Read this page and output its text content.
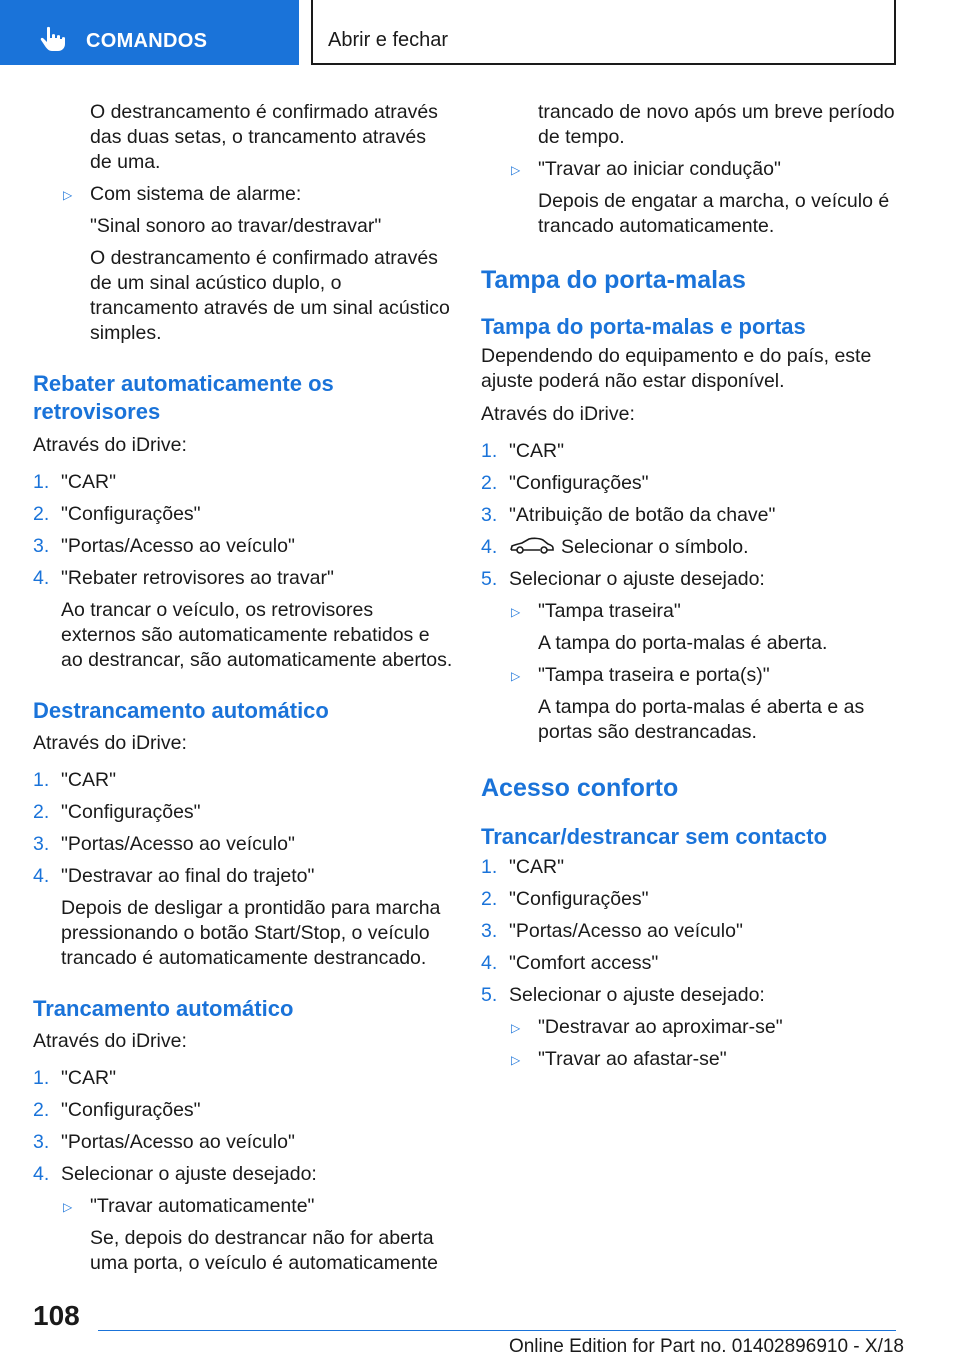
COMANDOS	Abrir e fechar
O destrancamento é confirmado através das duas setas, o trancamento através de uma.
▷ Com sistema de alarme:
"Sinal sonoro ao travar/destravar"
O destrancamento é confirmado através de um sinal acústico duplo, o trancamento através de um sinal acústico simples.
Rebater automaticamente os retrovisores
Através do iDrive:
1. "CAR"
2. "Configurações"
3. "Portas/Acesso ao veículo"
4. "Rebater retrovisores ao travar"
Ao trancar o veículo, os retrovisores externos são automaticamente rebatidos e ao destrancar, são automaticamente abertos.
Destrancamento automático
Através do iDrive:
1. "CAR"
2. "Configurações"
3. "Portas/Acesso ao veículo"
4. "Destravar ao final do trajeto"
Depois de desligar a prontidão para marcha pressionando o botão Start/Stop, o veículo trancado é automaticamente destrancado.
Trancamento automático
Através do iDrive:
1. "CAR"
2. "Configurações"
3. "Portas/Acesso ao veículo"
4. Selecionar o ajuste desejado:
▷ "Travar automaticamente"
Se, depois do destrancar não for aberta uma porta, o veículo é automaticamente
trancado de novo após um breve período de tempo.
▷ "Travar ao iniciar condução"
Depois de engatar a marcha, o veículo é trancado automaticamente.
Tampa do porta-malas
Tampa do porta-malas e portas
Dependendo do equipamento e do país, este ajuste poderá não estar disponível.
Através do iDrive:
1. "CAR"
2. "Configurações"
3. "Atribuição de botão da chave"
4.	Selecionar o símbolo.
5. Selecionar o ajuste desejado:
▷ "Tampa traseira"
A tampa do porta-malas é aberta.
▷ "Tampa traseira e porta(s)"
A tampa do porta-malas é aberta e as portas são destrancadas.
Acesso conforto
Trancar/destrancar sem contacto
1. "CAR"
2. "Configurações"
3. "Portas/Acesso ao veículo"
4. "Comfort access"
5. Selecionar o ajuste desejado:
▷ "Destravar ao aproximar-se"
▷ "Travar ao afastar-se"
108
Online Edition for Part no. 01402896910 - X/18
